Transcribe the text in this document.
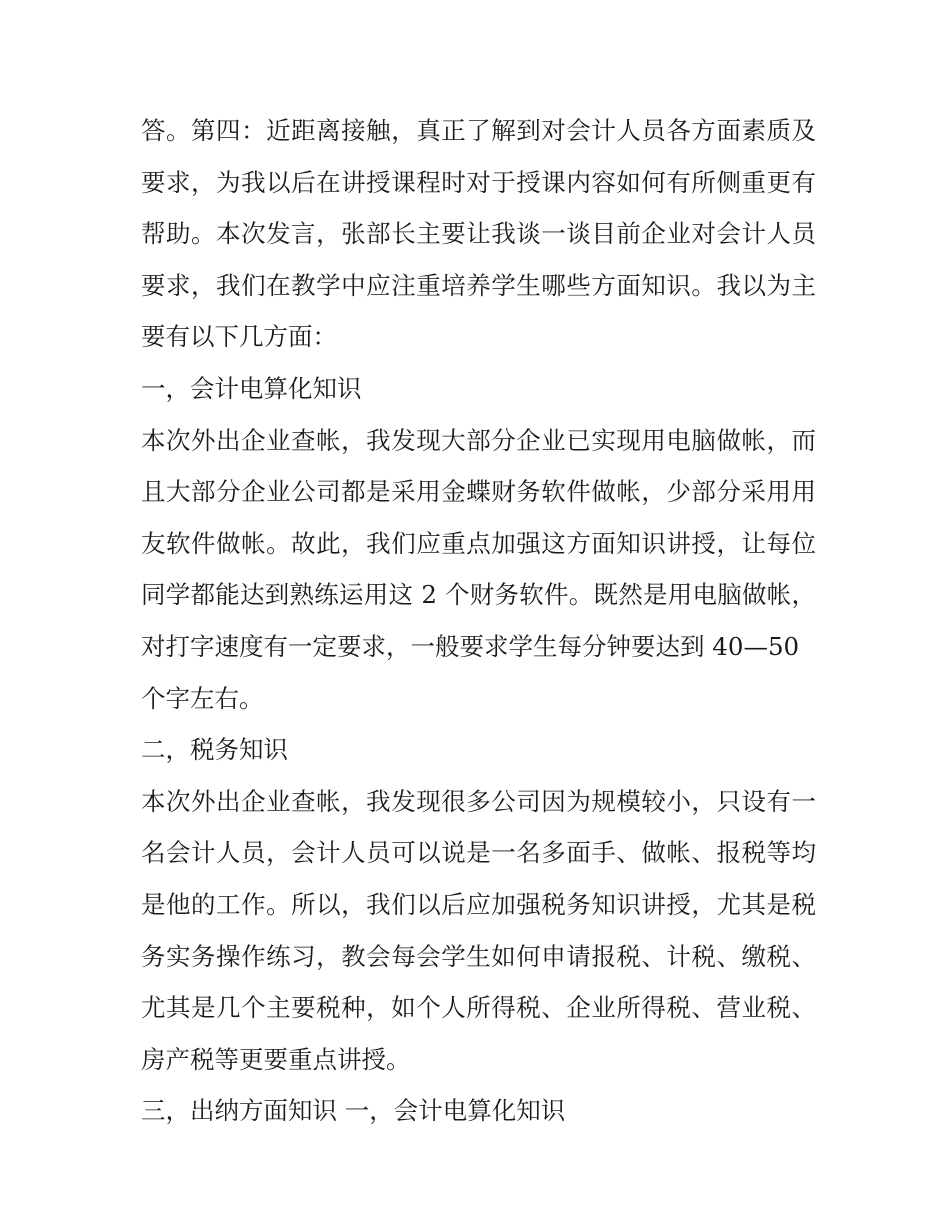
答。第四：近距离接触，真正了解到对会计人员各方面素质及
要求，为我以后在讲授课程时对于授课内容如何有所侧重更有
帮助。本次发言，张部长主要让我谈一谈目前企业对会计人员
要求，我们在教学中应注重培养学生哪些方面知识。我以为主
要有以下几方面：
一，会计电算化知识
本次外出企业查帐，我发现大部分企业已实现用电脑做帐，而
且大部分企业公司都是采用金蝶财务软件做帐，少部分采用用
友软件做帐。故此，我们应重点加强这方面知识讲授，让每位
同学都能达到熟练运用这 2 个财务软件。既然是用电脑做帐，
对打字速度有一定要求，一般要求学生每分钟要达到 40—50
个字左右。
二，税务知识
本次外出企业查帐，我发现很多公司因为规模较小，只设有一
名会计人员，会计人员可以说是一名多面手、做帐、报税等均
是他的工作。所以，我们以后应加强税务知识讲授，尤其是税
务实务操作练习，教会每会学生如何申请报税、计税、缴税、
尤其是几个主要税种，如个人所得税、企业所得税、营业税、
房产税等更要重点讲授。
三，出纳方面知识 一，会计电算化知识
